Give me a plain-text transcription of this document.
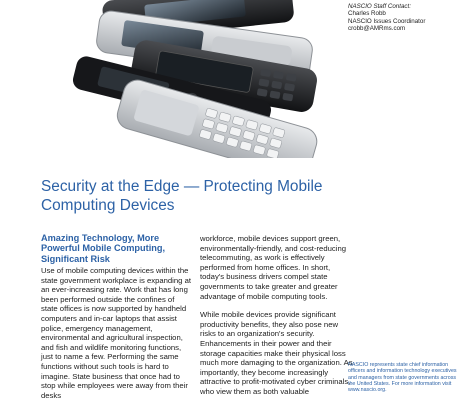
NASCIO Staff Contact:
Charles Robb
NASCIO Issues Coordinator
crobb@AMRms.com
Security at the Edge — Protecting Mobile Computing Devices
Amazing Technology, More Powerful Mobile Computing, Significant Risk

Use of mobile computing devices within the state government workplace is expanding at an ever-increasing rate. Work that has long been performed outside the confines of state offices is now supported by handheld computers and in-car laptops that assist police, emergency management, environmental and agricultural inspection, and fish and wildlife monitoring functions, just to name a few. Performing the same functions without such tools is hard to imagine. State business that once had to stop while employees were away from their desks

workforce, mobile devices support green, environmentally-friendly, and cost-reducing telecommuting, as work is effectively performed from home offices. In short, today's business drivers compel state governments to take greater and greater advantage of mobile computing tools.

While mobile devices provide significant productivity benefits, they also pose new risks to an organization's security. Enhancements in their power and their storage capacities make their physical loss much more damaging to the organization. As importantly, they become increasingly attractive to profit-motivated cyber criminals, who view them as both valuable

NASCIO represents state chief information officers and information technology executives and managers from state governments across the United States. For more information visit www.nascio.org.
